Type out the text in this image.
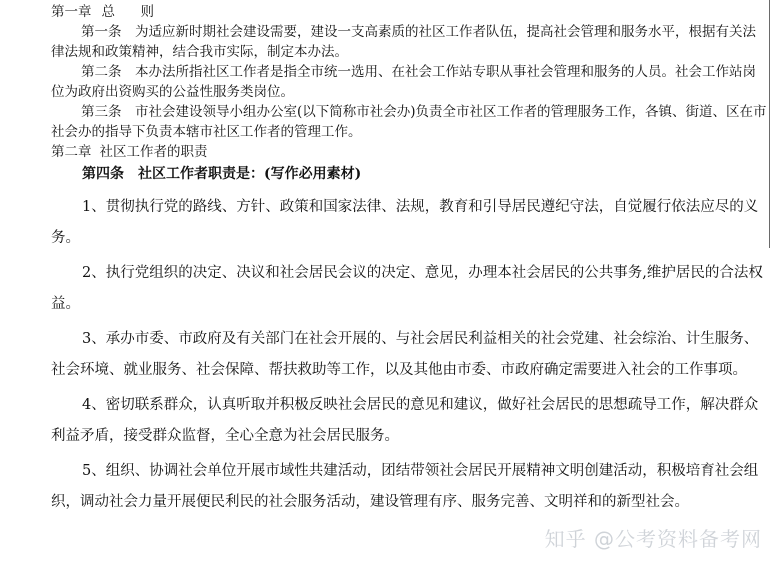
第一章 总　则

第一条　为适应新时期社会建设需要，建设一支高素质的社区工作者队伍，提高社会管理和服务水平，根据有关法律法规和政策精神，结合我市实际，制定本办法。

第二条　本办法所指社区工作者是指全市统一选用、在社会工作站专职从事社会管理和服务的人员。社会工作站岗位为政府出资购买的公益性服务类岗位。

第三条　市社会建设领导小组办公室(以下简称市社会办)负责全市社区工作者的管理服务工作，各镇、街道、区在市社会办的指导下负责本辖市社区工作者的管理工作。

第二章 社区工作者的职责

第四条　社区工作者职责是：(写作必用素材)

1、贯彻执行党的路线、方针、政策和国家法律、法规，教育和引导居民遵纪守法，自觉履行依法应尽的义务。

2、执行党组织的决定、决议和社会居民会议的决定、意见，办理本社会居民的公共事务,维护居民的合法权益。

3、承办市委、市政府及有关部门在社会开展的、与社会居民利益相关的社会党建、社会综治、计生服务、社会环境、就业服务、社会保障、帮扶救助等工作，以及其他由市委、市政府确定需要进入社会的工作事项。

4、密切联系群众，认真听取并积极反映社会居民的意见和建议，做好社会居民的思想疏导工作，解决群众利益矛盾，接受群众监督，全心全意为社会居民服务。

5、组织、协调社会单位开展市域性共建活动，团结带领社会居民开展精神文明创建活动，积极培育社会组织，调动社会力量开展便民利民的社会服务活动，建设管理有序、服务完善、文明祥和的新型社会。

知乎 @公考资料备考网
